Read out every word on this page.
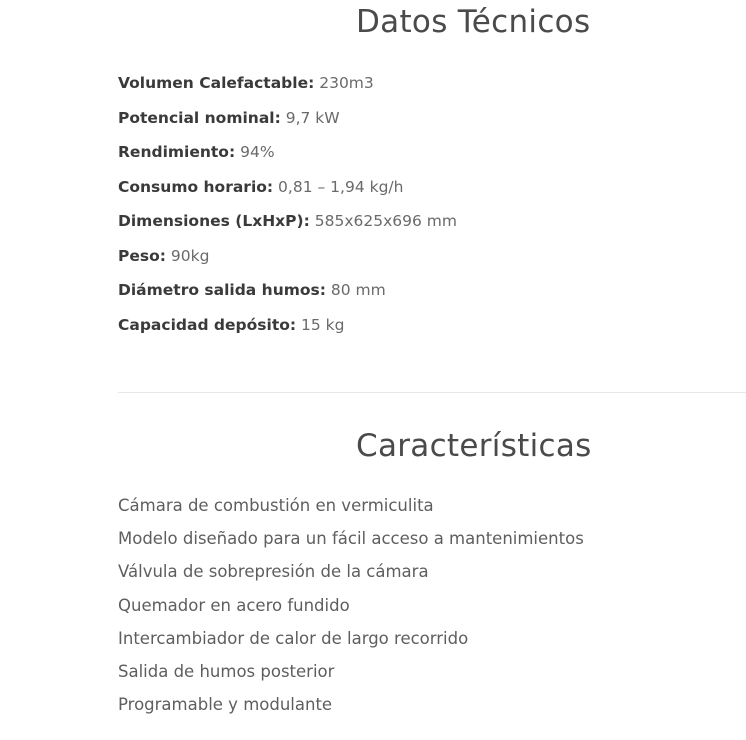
Datos Técnicos
Volumen Calefactable: 230m3
Potencial nominal: 9,7 kW
Rendimiento: 94%
Consumo horario: 0,81 – 1,94 kg/h
Dimensiones (LxHxP): 585x625x696 mm
Peso: 90kg
Diámetro salida humos: 80 mm
Capacidad depósito: 15 kg
Características
Cámara de combustión en vermiculita
Modelo diseñado para un fácil acceso a mantenimientos
Válvula de sobrepresión de la cámara
Quemador en acero fundido
Intercambiador de calor de largo recorrido
Salida de humos posterior
Programable y modulante
